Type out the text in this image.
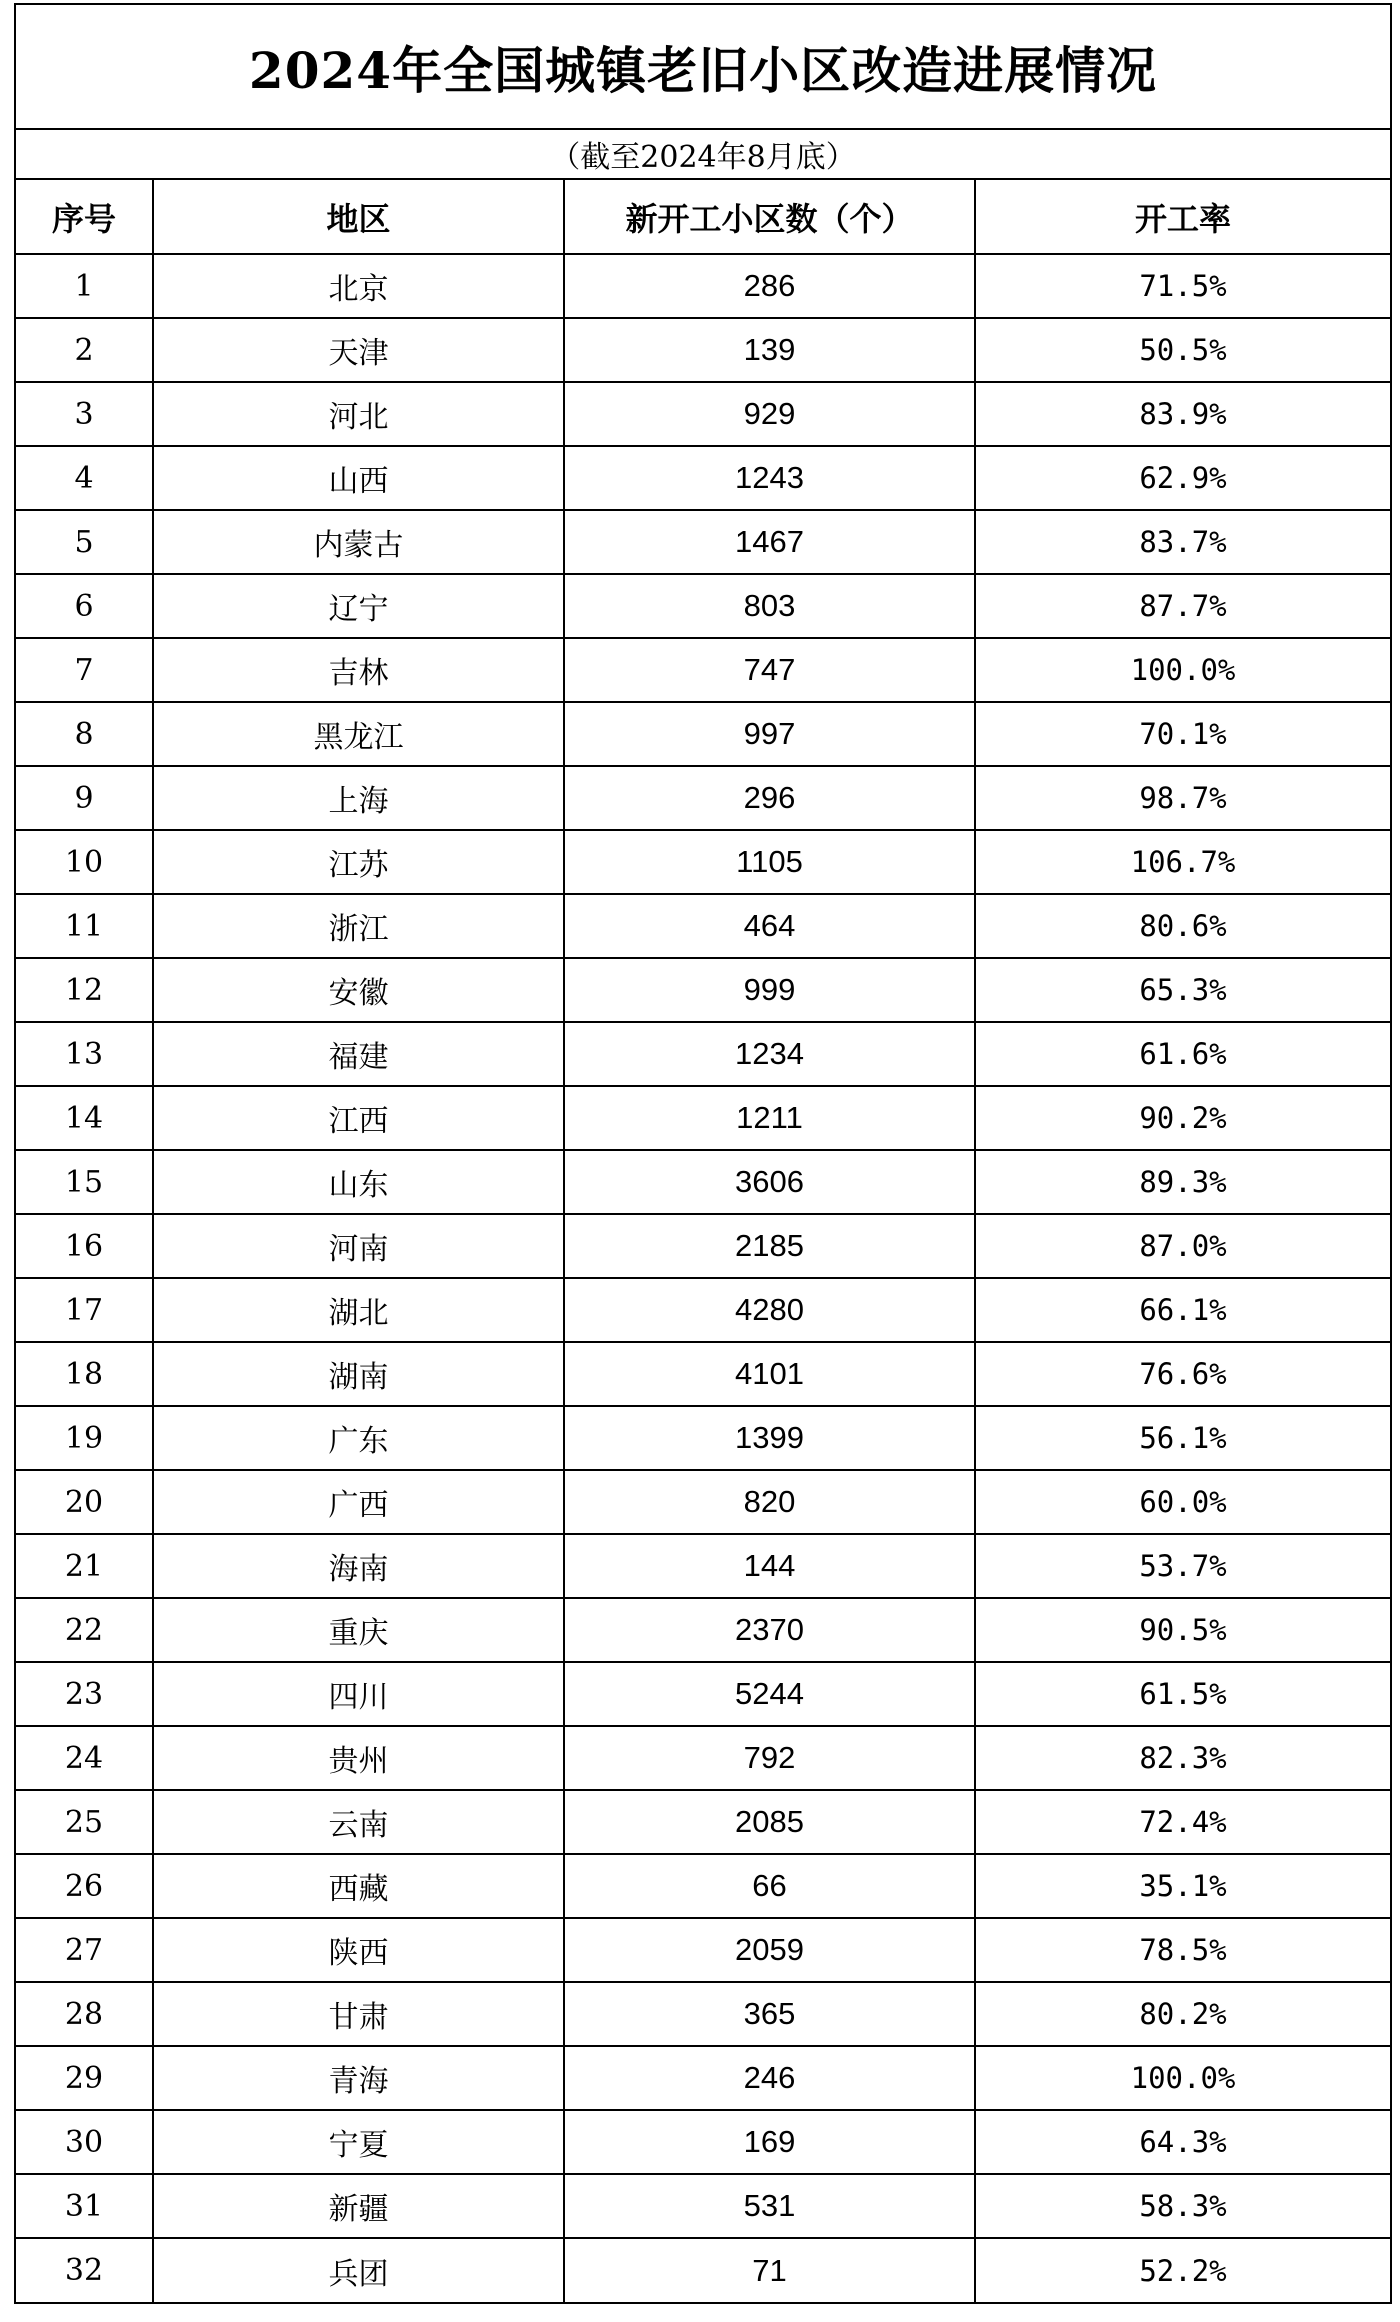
2024年全国城镇老旧小区改造进展情况
（截至2024年8月底）
序号	地区	新开工小区数（个）	开工率
1	北京	286	71.5%
2	天津	139	50.5%
3	河北	929	83.9%
4	山西	1243	62.9%
5	内蒙古	1467	83.7%
6	辽宁	803	87.7%
7	吉林	747	100.0%
8	黑龙江	997	70.1%
9	上海	296	98.7%
10	江苏	1105	106.7%
11	浙江	464	80.6%
12	安徽	999	65.3%
13	福建	1234	61.6%
14	江西	1211	90.2%
15	山东	3606	89.3%
16	河南	2185	87.0%
17	湖北	4280	66.1%
18	湖南	4101	76.6%
19	广东	1399	56.1%
20	广西	820	60.0%
21	海南	144	53.7%
22	重庆	2370	90.5%
23	四川	5244	61.5%
24	贵州	792	82.3%
25	云南	2085	72.4%
26	西藏	66	35.1%
27	陕西	2059	78.5%
28	甘肃	365	80.2%
29	青海	246	100.0%
30	宁夏	169	64.3%
31	新疆	531	58.3%
32	兵团	71	52.2%
